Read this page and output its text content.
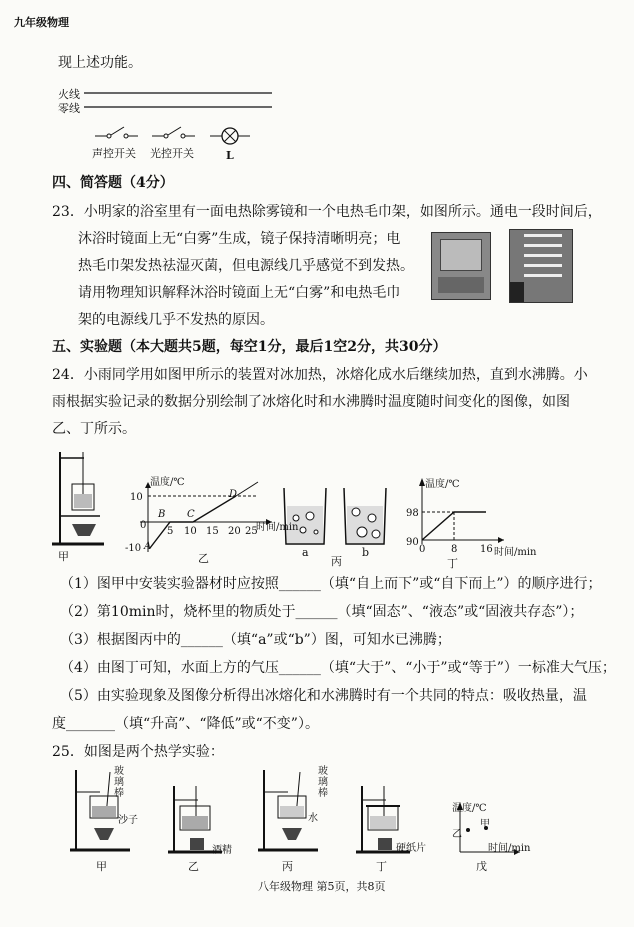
九年级物理
现上述功能。
火线
零线
声控开关 光控开关	L
四、简答题（4分）
23．小明家的浴室里有一面电热除雾镜和一个电热毛巾架，如图所示。通电一段时间后，
沐浴时镜面上无“白雾”生成，镜子保持清晰明亮；电
热毛巾架发热祛湿灭菌，但电源线几乎感觉不到发热。
请用物理知识解释沐浴时镜面上无“白雾”和电热毛巾
架的电源线几乎不发热的原因。
五、实验题（本大题共5题，每空1分，最后1空2分，共30分）
24．小雨同学用如图甲所示的装置对冰加热，冰熔化成水后继续加热，直到水沸腾。小
雨根据实验记录的数据分别绘制了冰熔化时和水沸腾时温度随时间变化的图像，如图
乙、丁所示。
温度/℃
10
-10
0
5 10 15 20 25
时间/min
A
B C
D
温度/℃
98
90
0	8 16 时间/min
甲	乙	a	b
丙	丁
（1）图甲中安装实验器材时应按照______（填“自上而下”或“自下而上”）的顺序进行；
（2）第10min时，烧杯里的物质处于______（填“固态”、“液态”或“固液共存态”）；
（3）根据图丙中的______（填“a”或“b”）图，可知水已沸腾；
（4）由图丁可知，水面上方的气压______（填“大于”、“小于”或“等于”）一标准大气压；
（5）由实验现象及图像分析得出冰熔化和水沸腾时有一个共同的特点：吸收热量，温
度_______（填“升高”、“降低”或“不变”）。
25．如图是两个热学实验：
玻璃棒
沙子
酒精
玻璃棒
水
硬纸片
温度/℃
甲
乙
时间/min
甲	乙	丙	丁	戊
八年级物理 第5页，共8页
